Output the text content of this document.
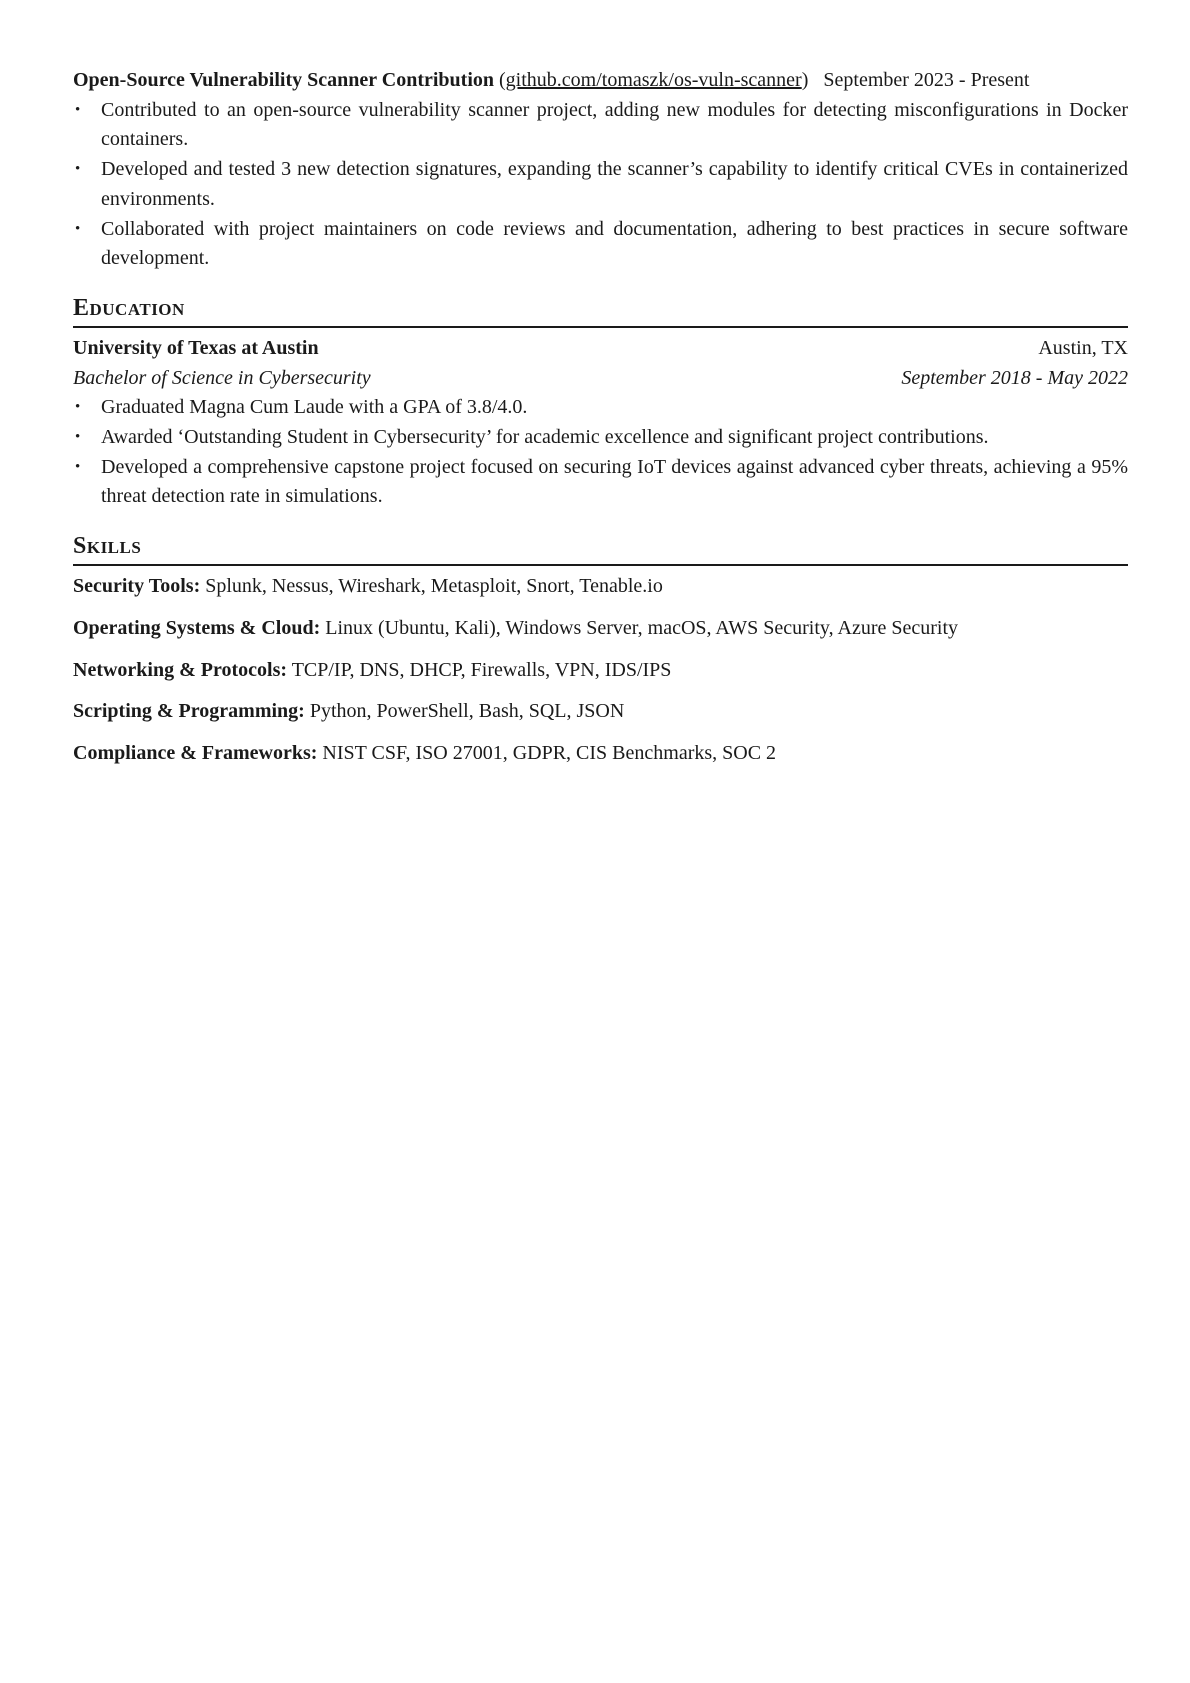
Open-Source Vulnerability Scanner Contribution (github.com/tomaszk/os-vuln-scanner)   September 2023 - Present
• Contributed to an open-source vulnerability scanner project, adding new modules for detecting misconfigurations in Docker containers.
• Developed and tested 3 new detection signatures, expanding the scanner’s capability to identify critical CVEs in containerized environments.
• Collaborated with project maintainers on code reviews and documentation, adhering to best practices in secure software development.
Education
University of Texas at Austin	Austin, TX
Bachelor of Science in Cybersecurity	September 2018 - May 2022
• Graduated Magna Cum Laude with a GPA of 3.8/4.0.
• Awarded ‘Outstanding Student in Cybersecurity’ for academic excellence and significant project contributions.
• Developed a comprehensive capstone project focused on securing IoT devices against advanced cyber threats, achieving a 95% threat detection rate in simulations.
Skills
Security Tools: Splunk, Nessus, Wireshark, Metasploit, Snort, Tenable.io
Operating Systems & Cloud: Linux (Ubuntu, Kali), Windows Server, macOS, AWS Security, Azure Security
Networking & Protocols: TCP/IP, DNS, DHCP, Firewalls, VPN, IDS/IPS
Scripting & Programming: Python, PowerShell, Bash, SQL, JSON
Compliance & Frameworks: NIST CSF, ISO 27001, GDPR, CIS Benchmarks, SOC 2
